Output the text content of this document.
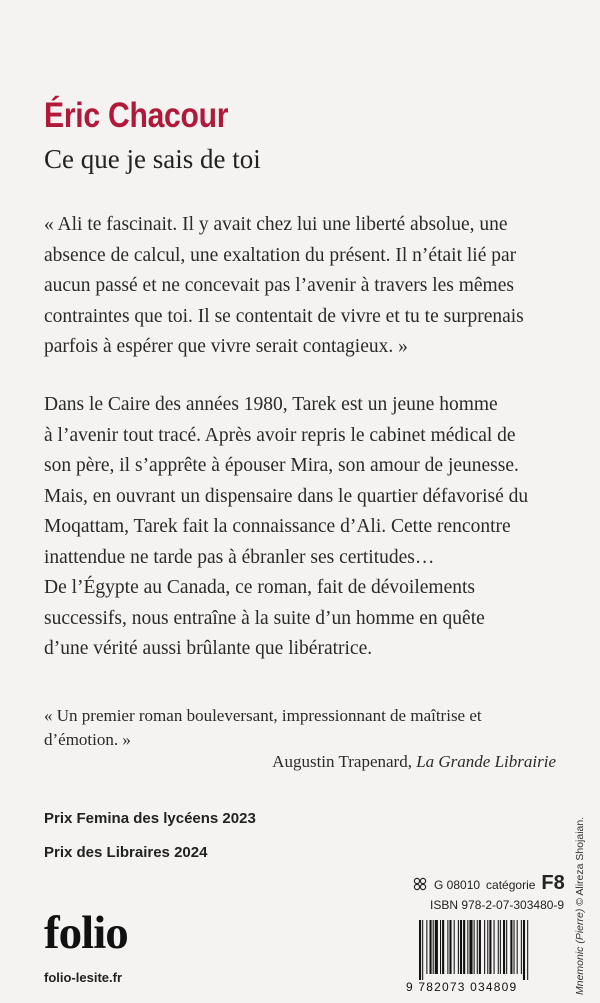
Éric Chacour
Ce que je sais de toi

« Ali te fascinait. Il y avait chez lui une liberté absolue, une

absence de calcul, une exaltation du présent. Il n’était lié par

aucun passé et ne concevait pas l’avenir à travers les mêmes

contraintes que toi. Il se contentait de vivre et tu te surprenais

parfois à espérer que vivre serait contagieux. »

Dans le Caire des années 1980, Tarek est un jeune homme

à l’avenir tout tracé. Après avoir repris le cabinet médical de

son père, il s’apprête à épouser Mira, son amour de jeunesse.

Mais, en ouvrant un dispensaire dans le quartier défavorisé du

Moqattam, Tarek fait la connaissance d’Ali. Cette rencontre

inattendue ne tarde pas à ébranler ses certitudes…

De l’Égypte au Canada, ce roman, fait de dévoilements

successifs, nous entraîne à la suite d’un homme en quête

d’une vérité aussi brûlante que libératrice.

« Un premier roman bouleversant, impressionnant de maîtrise et
d’émotion. »
Augustin Trapenard, La Grande Librairie
Prix Femina des lycéens 2023
Prix des Libraires 2024
folio
folio-lesite.fr
G 08010 catégorie F8
ISBN 978-2-07-303480-9
9 782073 034809	Mnemonic (Pierre) © Alireza Shojaian.
